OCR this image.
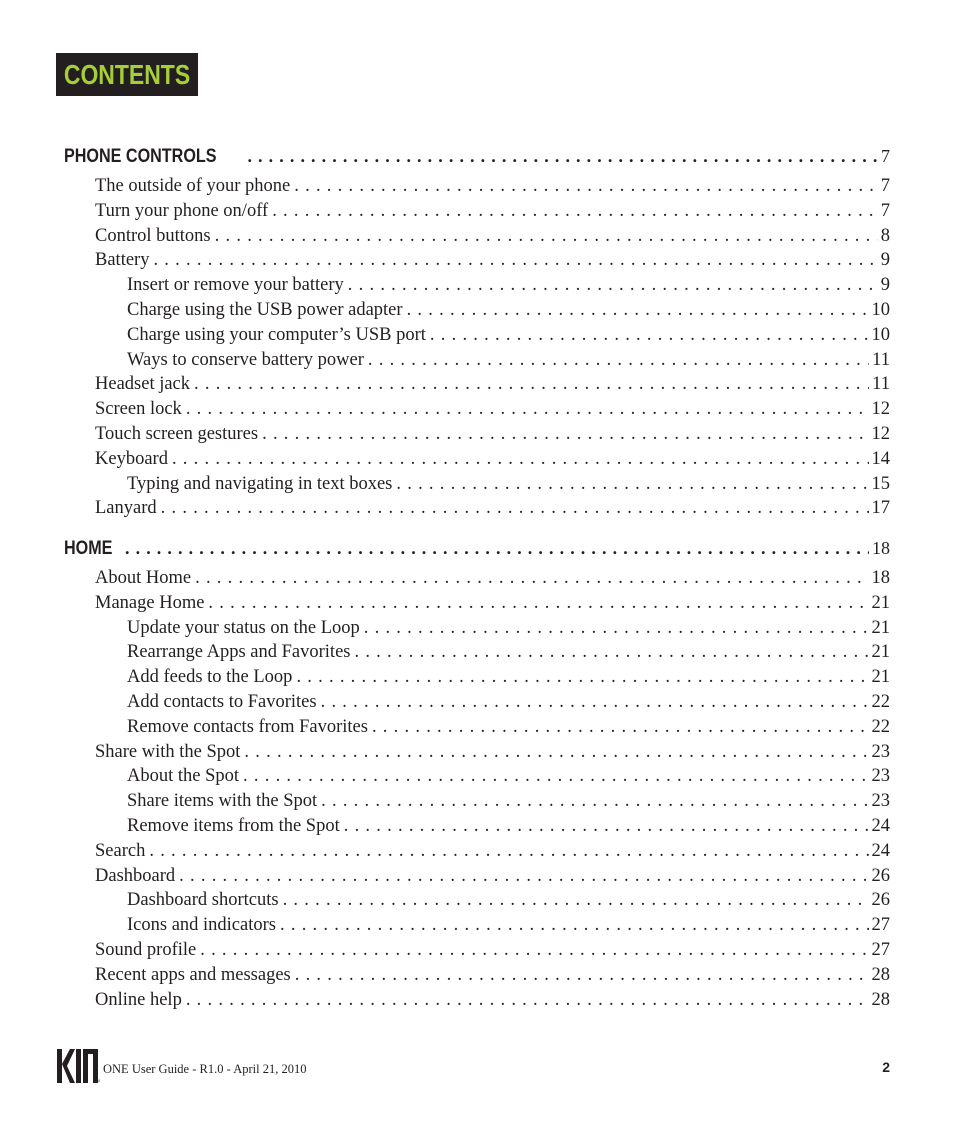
CONTENTS
PHONE CONTROLS . . .	7
The outside of your phone . . .	7
Turn your phone on/off . . .	7
Control buttons . . .	8
Battery . . .	9
Insert or remove your battery . . .	9
Charge using the USB power adapter . . .	10
Charge using your computer’s USB port . . .	10
Ways to conserve battery power . . .	11
Headset jack . . .	11
Screen lock . . .	12
Touch screen gestures . . .	12
Keyboard . . .	14
Typing and navigating in text boxes . . .	15
Lanyard . . .	17
HOME . . .	18
About Home . . .	18
Manage Home . . .	21
Update your status on the Loop . . .	21
Rearrange Apps and Favorites . . .	21
Add feeds to the Loop . . .	21
Add contacts to Favorites . . .	22
Remove contacts from Favorites . . .	22
Share with the Spot . . .	23
About the Spot . . .	23
Share items with the Spot . . .	23
Remove items from the Spot . . .	24
Search . . .	24
Dashboard . . .	26
Dashboard shortcuts . . .	26
Icons and indicators . . .	27
Sound profile . . .	27
Recent apps and messages . . .	28
Online help . . .	28
TM
ONE User Guide - R1.0 - April 21, 2010	2
